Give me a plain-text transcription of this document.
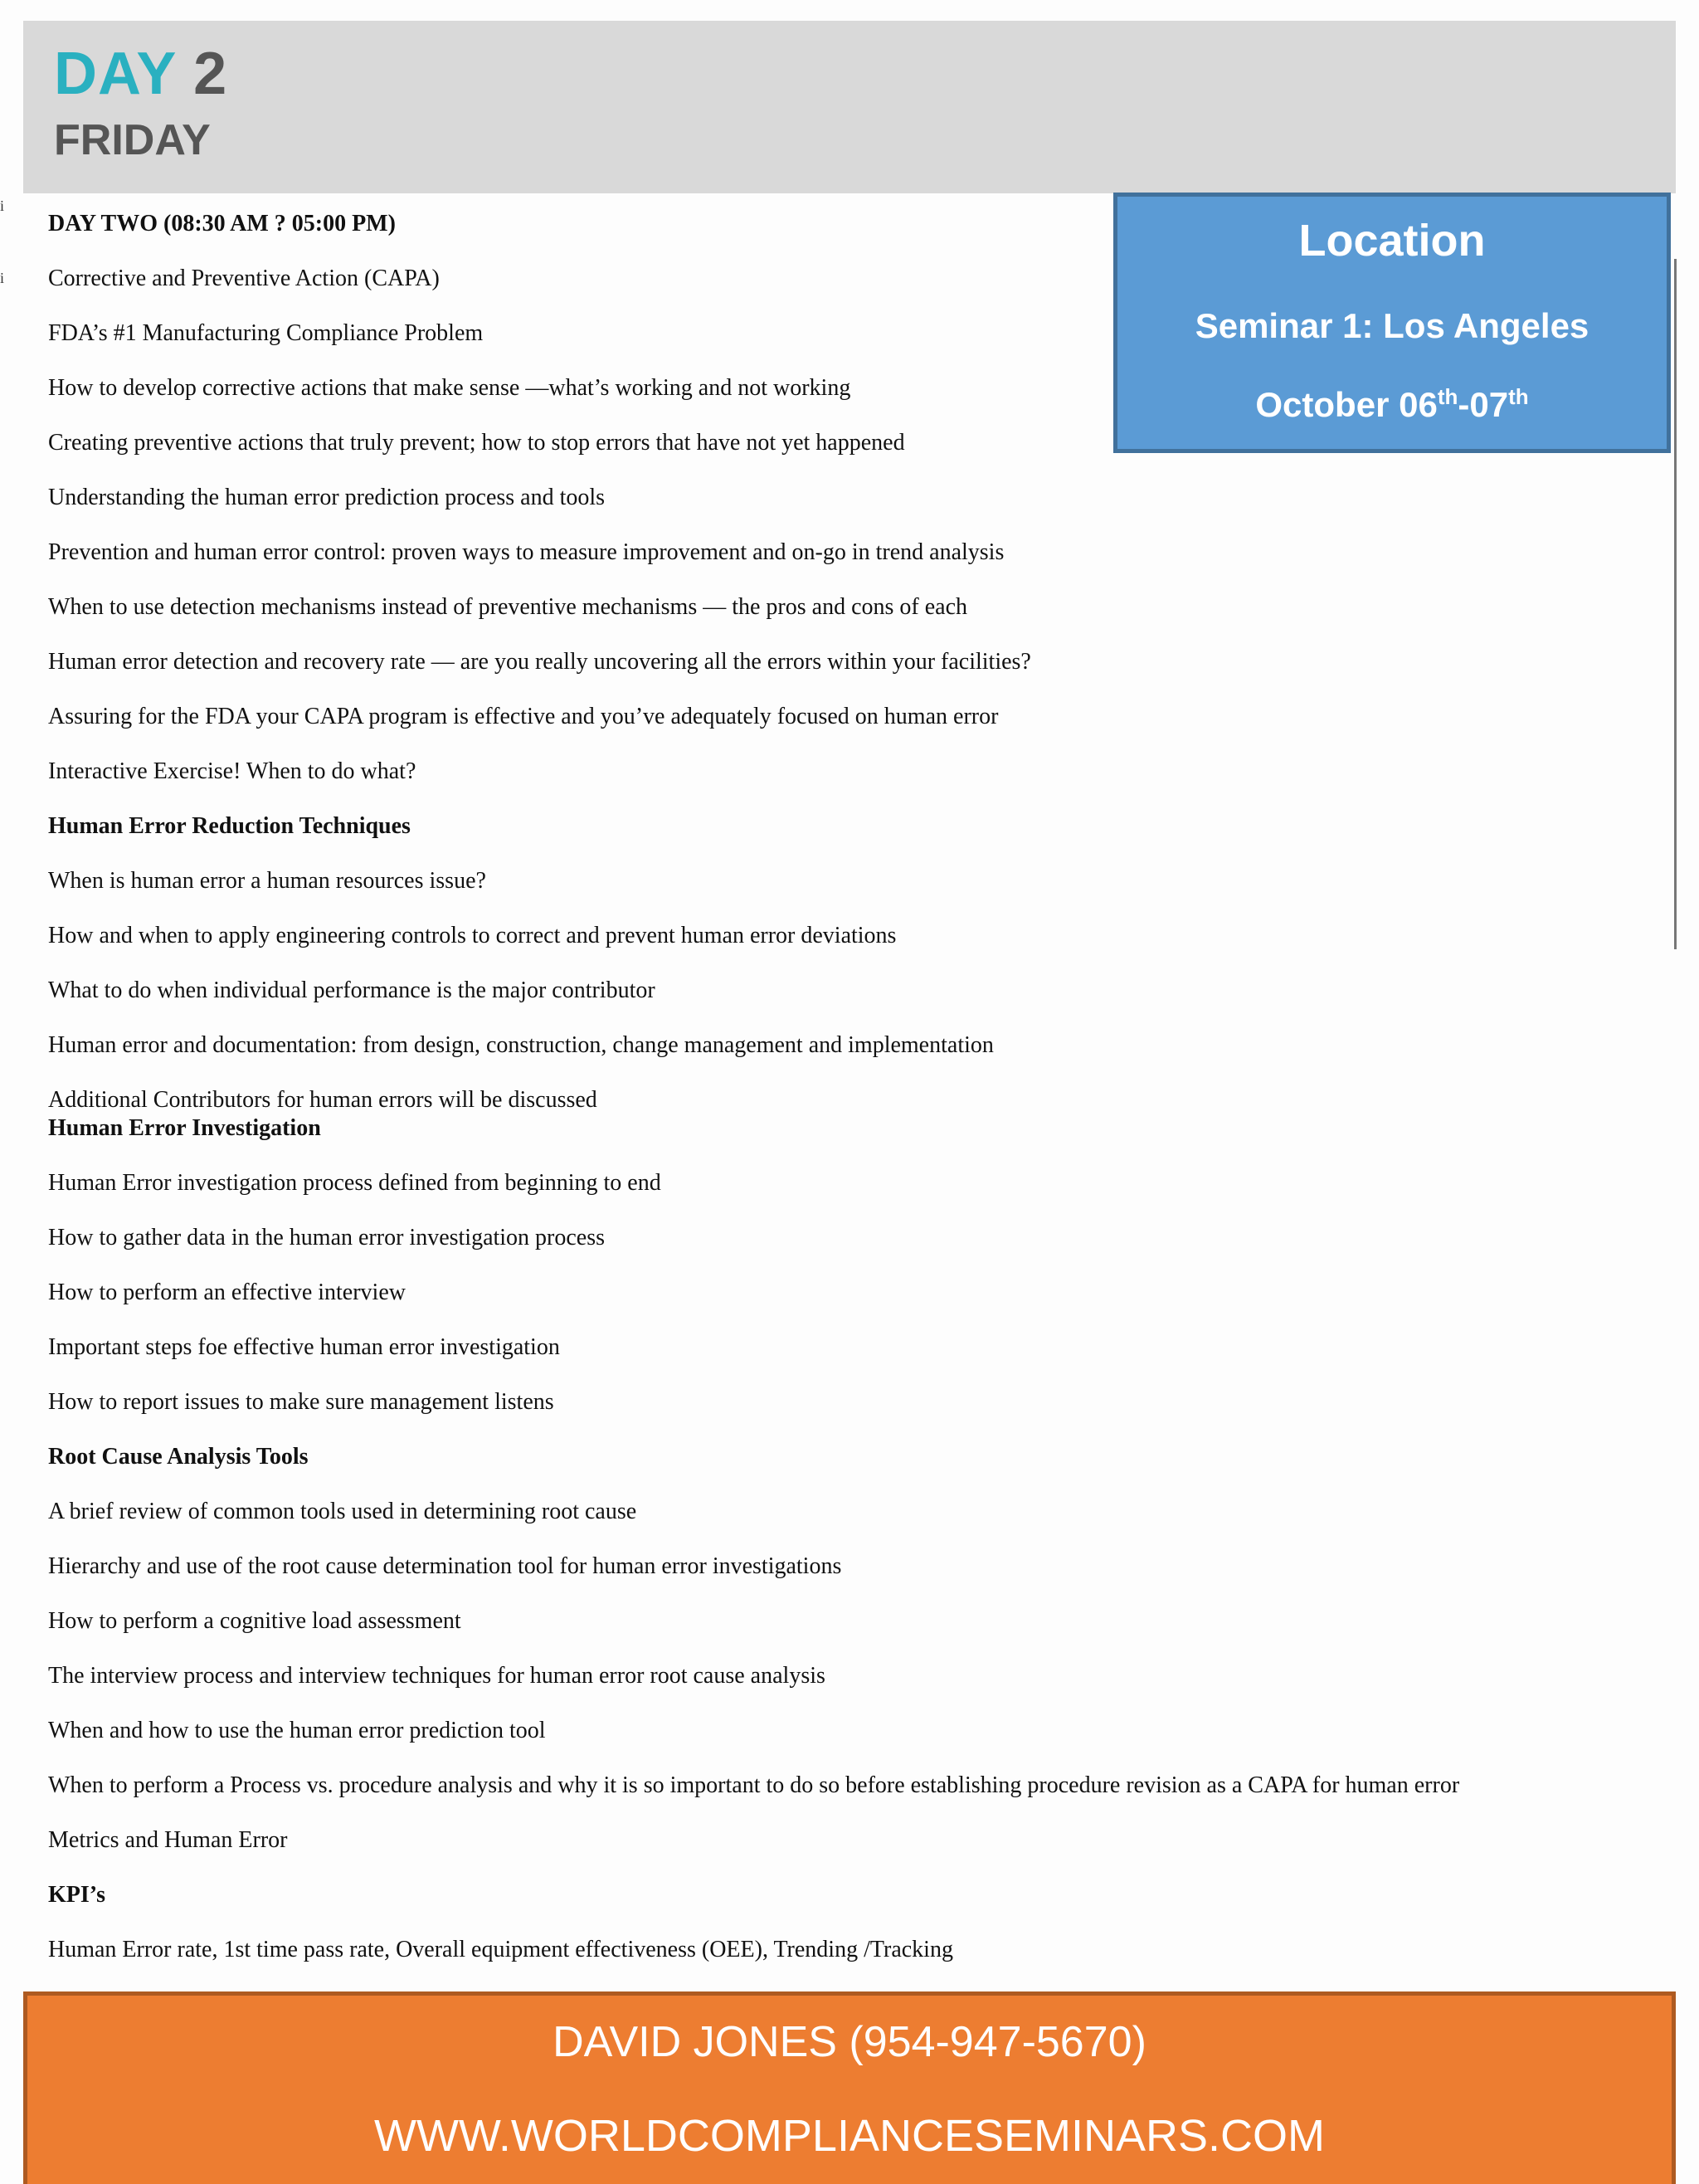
DAY 2
FRIDAY
i
i
Location
Seminar 1: Los Angeles
October 06th-07th
DAY TWO (08:30 AM ? 05:00 PM)
Corrective and Preventive Action (CAPA)
FDA’s #1 Manufacturing Compliance Problem
How to develop corrective actions that make sense —what’s working and not working
Creating preventive actions that truly prevent; how to stop errors that have not yet happened
Understanding the human error prediction process and tools
Prevention and human error control: proven ways to measure improvement and on-go in trend analysis
When to use detection mechanisms instead of preventive mechanisms — the pros and cons of each
Human error detection and recovery rate — are you really uncovering all the errors within your facilities?
Assuring for the FDA your CAPA program is effective and you’ve adequately focused on human error
Interactive Exercise! When to do what?
Human Error Reduction Techniques
When is human error a human resources issue?
How and when to apply engineering controls to correct and prevent human error deviations
What to do when individual performance is the major contributor
Human error and documentation: from design, construction, change management and implementation
Additional Contributors for human errors will be discussed
Human Error Investigation
Human Error investigation process defined from beginning to end
How to gather data in the human error investigation process
How to perform an effective interview
Important steps foe effective human error investigation
How to report issues to make sure management listens
Root Cause Analysis Tools
A brief review of common tools used in determining root cause
Hierarchy and use of the root cause determination tool for human error investigations
How to perform a cognitive load assessment
The interview process and interview techniques for human error root cause analysis
When and how to use the human error prediction tool
When to perform a Process vs. procedure analysis and why it is so important to do so before establishing procedure revision as a CAPA for human error
Metrics and Human Error
KPI’s
Human Error rate, 1st time pass rate, Overall equipment effectiveness (OEE), Trending /Tracking
DAVID JONES (954-947-5670)
WWW.WORLDCOMPLIANCESEMINARS.COM
